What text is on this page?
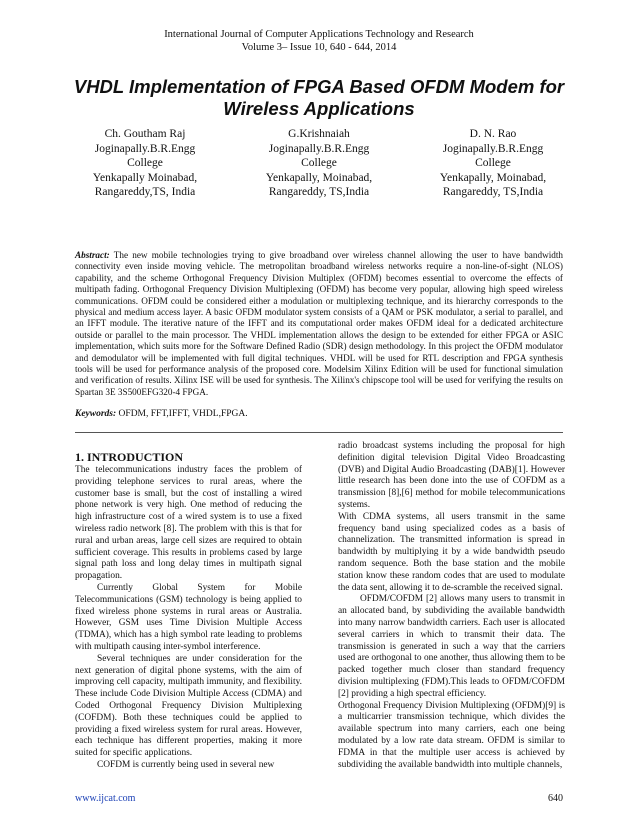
International Journal of Computer Applications Technology and Research
Volume 3– Issue 10, 640 - 644, 2014
VHDL Implementation of FPGA Based OFDM Modem for Wireless Applications
Ch. Goutham Raj
Joginapally.B.R.Engg
College
Yenkapally Moinabad,
Rangareddy,TS, India
G.Krishnaiah
Joginapally.B.R.Engg
College
Yenkapally, Moinabad,
Rangareddy, TS,India
D. N. Rao
Joginapally.B.R.Engg
College
Yenkapally, Moinabad,
Rangareddy, TS,India
Abstract: The new mobile technologies trying to give broadband over wireless channel allowing the user to have bandwidth connectivity even inside moving vehicle. The metropolitan broadband wireless networks require a non-line-of-sight (NLOS) capability, and the scheme Orthogonal Frequency Division Multiplex (OFDM) becomes essential to overcome the effects of multipath fading. Orthogonal Frequency Division Multiplexing (OFDM) has become very popular, allowing high speed wireless communications. OFDM could be considered either a modulation or multiplexing technique, and its hierarchy corresponds to the physical and medium access layer. A basic OFDM modulator system consists of a QAM or PSK modulator, a serial to parallel, and an IFFT module. The iterative nature of the IFFT and its computational order makes OFDM ideal for a dedicated architecture outside or parallel to the main processor. The VHDL implementation allows the design to be extended for either FPGA or ASIC implementation, which suits more for the Software Defined Radio (SDR) design methodology. In this project the OFDM modulator and demodulator will be implemented with full digital techniques. VHDL will be used for RTL description and FPGA synthesis tools will be used for performance analysis of the proposed core. Modelsim Xilinx Edition will be used for functional simulation and verification of results. Xilinx ISE will be used for synthesis. The Xilinx's chipscope tool will be used for verifying the results on Spartan 3E 3S500EFG320-4 FPGA.
Keywords: OFDM, FFT,IFFT, VHDL,FPGA.
1. INTRODUCTION

The telecommunications industry faces the problem of providing telephone services to rural areas, where the customer base is small, but the cost of installing a wired phone network is very high. One method of reducing the high infrastructure cost of a wired system is to use a fixed wireless radio network [8]. The problem with this is that for rural and urban areas, large cell sizes are required to obtain sufficient coverage. This results in problems cased by large signal path loss and long delay times in multipath signal propagation.

Currently Global System for Mobile Telecommunications (GSM) technology is being applied to fixed wireless phone systems in rural areas or Australia. However, GSM uses Time Division Multiple Access (TDMA), which has a high symbol rate leading to problems with multipath causing inter-symbol interference.

Several techniques are under consideration for the next generation of digital phone systems, with the aim of improving cell capacity, multipath immunity, and flexibility. These include Code Division Multiple Access (CDMA) and Coded Orthogonal Frequency Division Multiplexing (COFDM). Both these techniques could be applied to providing a fixed wireless system for rural areas. However, each technique has different properties, making it more suited for specific applications.

COFDM is currently being used in several new

radio broadcast systems including the proposal for high definition digital television Digital Video Broadcasting (DVB) and Digital Audio Broadcasting (DAB)[1]. However little research has been done into the use of COFDM as a transmission [8],[6] method for mobile telecommunications systems.

With CDMA systems, all users transmit in the same frequency band using specialized codes as a basis of channelization. The transmitted information is spread in bandwidth by multiplying it by a wide bandwidth pseudo random sequence. Both the base station and the mobile station know these random codes that are used to modulate the data sent, allowing it to de-scramble the received signal.

OFDM/COFDM [2] allows many users to transmit in an allocated band, by subdividing the available bandwidth into many narrow bandwidth carriers. Each user is allocated several carriers in which to transmit their data. The transmission is generated in such a way that the carriers used are orthogonal to one another, thus allowing them to be packed together much closer than standard frequency division multiplexing (FDM).This leads to OFDM/COFDM [2] providing a high spectral efficiency.

Orthogonal Frequency Division Multiplexing (OFDM)[9] is a multicarrier transmission technique, which divides the available spectrum into many carriers, each one being modulated by a low rate data stream. OFDM is similar to FDMA in that the multiple user access is achieved by subdividing the available bandwidth into multiple channels,

www.ijcat.com	640
